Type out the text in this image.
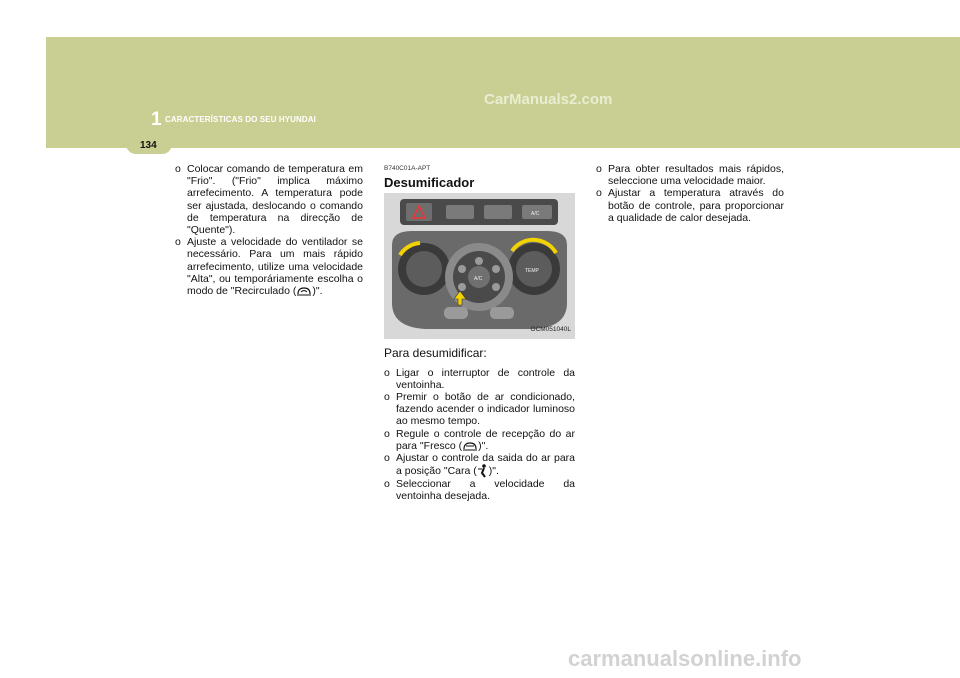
1 CARACTERÍSTICAS DO SEU HYUNDAI
CarManuals2.com
134

o Colocar comando de temperatura em "Frio". ("Frio" implica máximo arrefecimento. A temperatura pode ser ajustada, deslocando o comando de temperatura na direcção de "Quente").

o Ajuste a velocidade do ventilador se necessário. Para um mais rápido arrefecimento, utilize uma velocidade "Alta", ou temporáriamente escolha o modo de "Recirculado ( )".

B740C01A-APT
Desumificador
A/C
TEMP
A/C
OCM051040L
Para desumidificar:

o Ligar o interruptor de controle da ventoinha.

o Premir o botão de ar condicionado, fazendo acender o indicador luminoso ao mesmo tempo.

o Regule o controle de recepção do ar para "Fresco ( )".

o Ajustar o controle da saida do ar para a posição "Cara ( )".

o Seleccionar a velocidade da ventoinha desejada.

o Para obter resultados mais rápidos, seleccione uma velocidade maior.

o Ajustar a temperatura através do botão de controle, para proporcionar a qualidade de calor desejada.

carmanualsonline.info
